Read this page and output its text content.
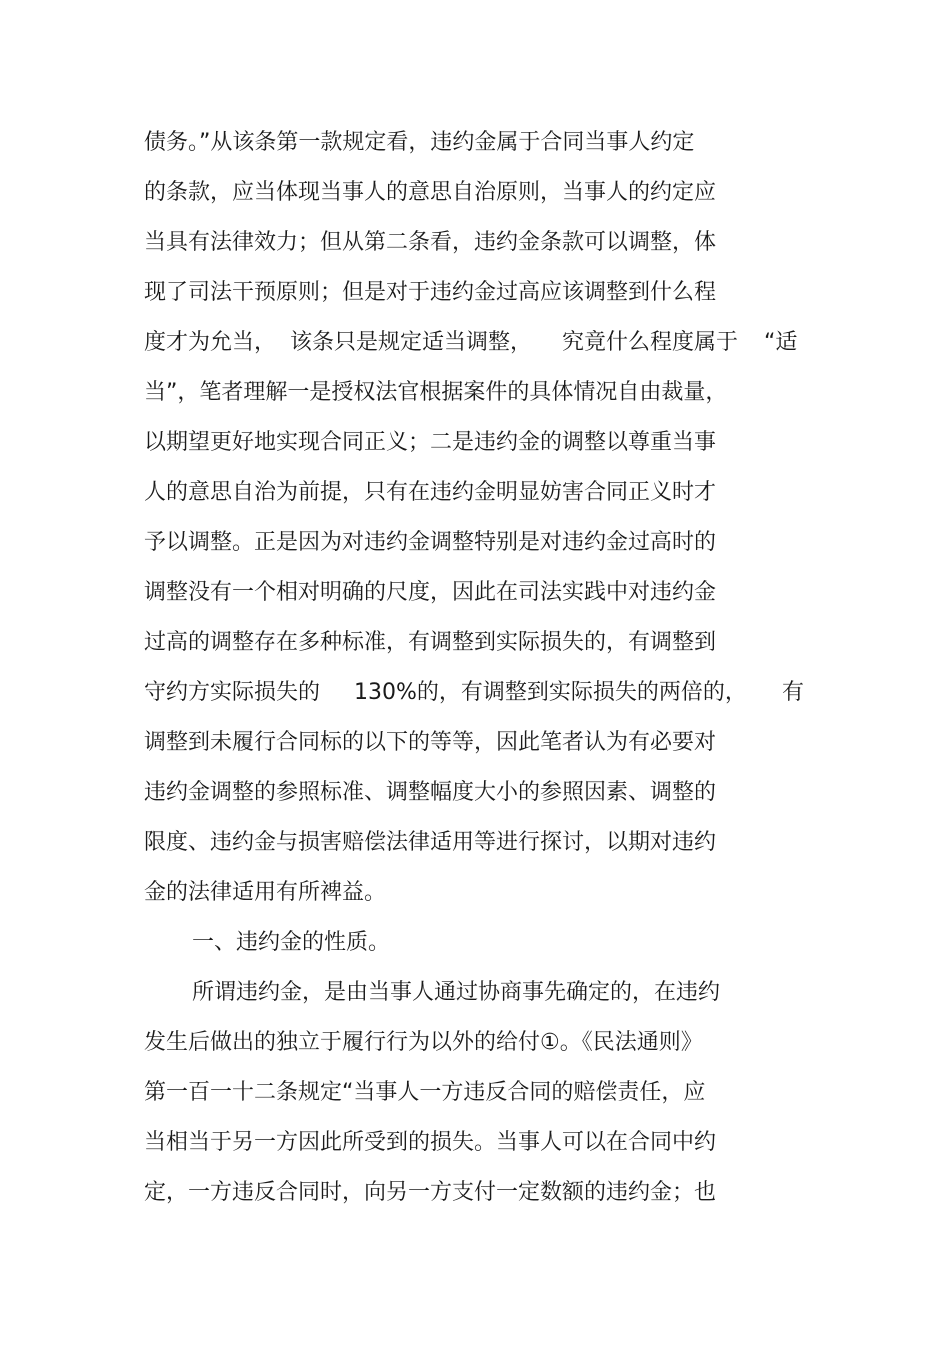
债务。”从该条第一款规定看，违约金属于合同当事人约定
的条款，应当体现当事人的意思自治原则，当事人的约定应
当具有法律效力；但从第二条看，违约金条款可以调整，体
现了司法干预原则；但是对于违约金过高应该调整到什么程
度才为允当， 该条只是规定适当调整， 究竟什么程度属于 “适
当”，笔者理解一是授权法官根据案件的具体情况自由裁量，
以期望更好地实现合同正义；二是违约金的调整以尊重当事
人的意思自治为前提，只有在违约金明显妨害合同正义时才
予以调整。正是因为对违约金调整特别是对违约金过高时的
调整没有一个相对明确的尺度，因此在司法实践中对违约金
过高的调整存在多种标准，有调整到实际损失的，有调整到
守约方实际损失的 130%的，有调整到实际损失的两倍的， 有
调整到未履行合同标的以下的等等，因此笔者认为有必要对
违约金调整的参照标准、调整幅度大小的参照因素、调整的
限度、违约金与损害赔偿法律适用等进行探讨，以期对违约
金的法律适用有所裨益。
一、违约金的性质。
所谓违约金，是由当事人通过协商事先确定的，在违约
发生后做出的独立于履行行为以外的给付①。《民法通则》
第一百一十二条规定“当事人一方违反合同的赔偿责任，应
当相当于另一方因此所受到的损失。当事人可以在合同中约
定，一方违反合同时，向另一方支付一定数额的违约金；也
